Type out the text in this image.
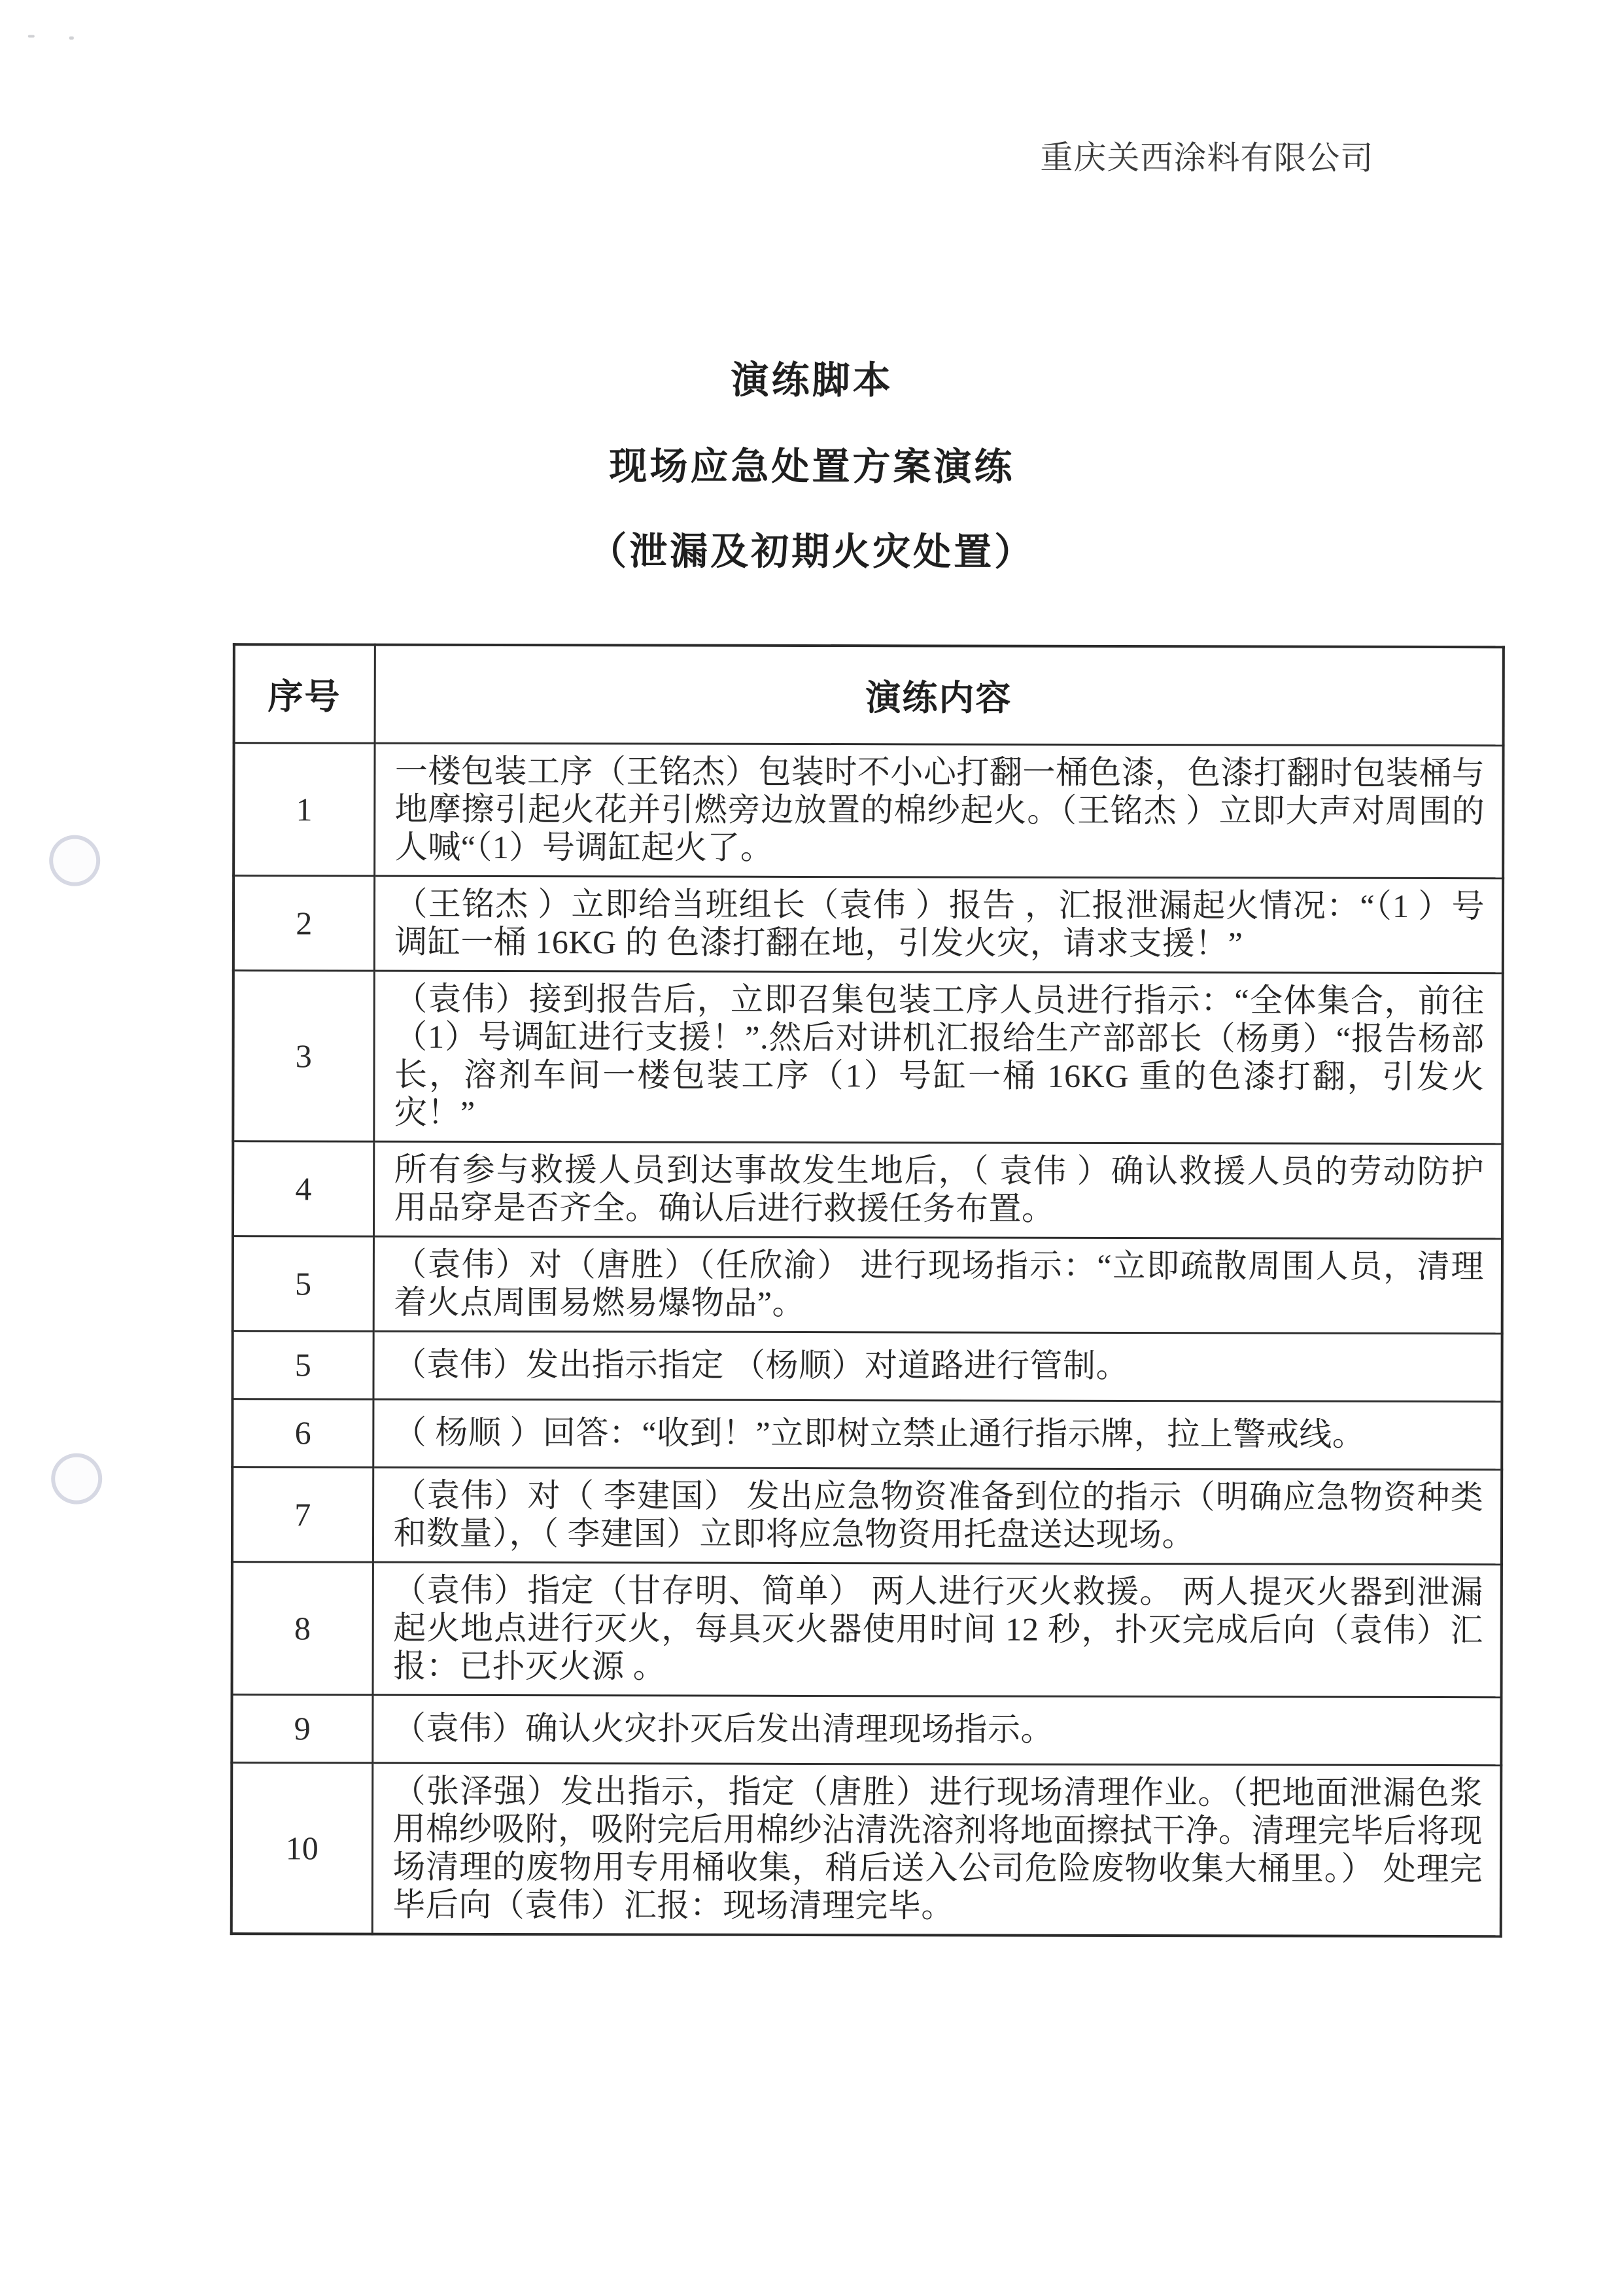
重庆关西涂料有限公司
演练脚本
现场应急处置方案演练
（泄漏及初期火灾处置）
序号	演练内容
1	一楼包装工序（王铭杰）包装时不小心打翻一桶色漆，色漆打翻时包装桶与地摩擦引起火花并引燃旁边放置的棉纱起火。（王铭杰 ）立即大声对周围的人喊“（1）号调缸起火了。
2	（王铭杰 ）立即给当班组长（袁伟 ）报告 ，汇报泄漏起火情况：“（1 ）号调缸一桶 16KG 的 色漆打翻在地，引发火灾，请求支援！”
3	（袁伟）接到报告后，立即召集包装工序人员进行指示：“全体集合，前往（1）号调缸进行支援！”.然后对讲机汇报给生产部部长（杨勇）“报告杨部长，溶剂车间一楼包装工序（1）号缸一桶 16KG 重的色漆打翻，引发火灾！”
4	所有参与救援人员到达事故发生地后，（ 袁伟 ）确认救援人员的劳动防护用品穿是否齐全。确认后进行救援任务布置。
5	（袁伟）对（唐胜）（任欣渝） 进行现场指示：“立即疏散周围人员，清理着火点周围易燃易爆物品”。
5	（袁伟）发出指示指定 （杨顺）对道路进行管制。
6	（ 杨顺 ）回答：“收到！”立即树立禁止通行指示牌，拉上警戒线。
7	（袁伟）对（ 李建国） 发出应急物资准备到位的指示（明确应急物资种类和数量），（ 李建国）立即将应急物资用托盘送达现场。
8	（袁伟）指定（甘存明、简单） 两人进行灭火救援。 两人提灭火器到泄漏起火地点进行灭火，每具灭火器使用时间 12 秒，扑灭完成后向（袁伟）汇报：已扑灭火源 。
9	（袁伟）确认火灾扑灭后发出清理现场指示。
10	（张泽强）发出指示，指定（唐胜）进行现场清理作业。（把地面泄漏色浆用棉纱吸附，吸附完后用棉纱沾清洗溶剂将地面擦拭干净。清理完毕后将现场清理的废物用专用桶收集，稍后送入公司危险废物收集大桶里。） 处理完毕后向（袁伟）汇报：现场清理完毕。
